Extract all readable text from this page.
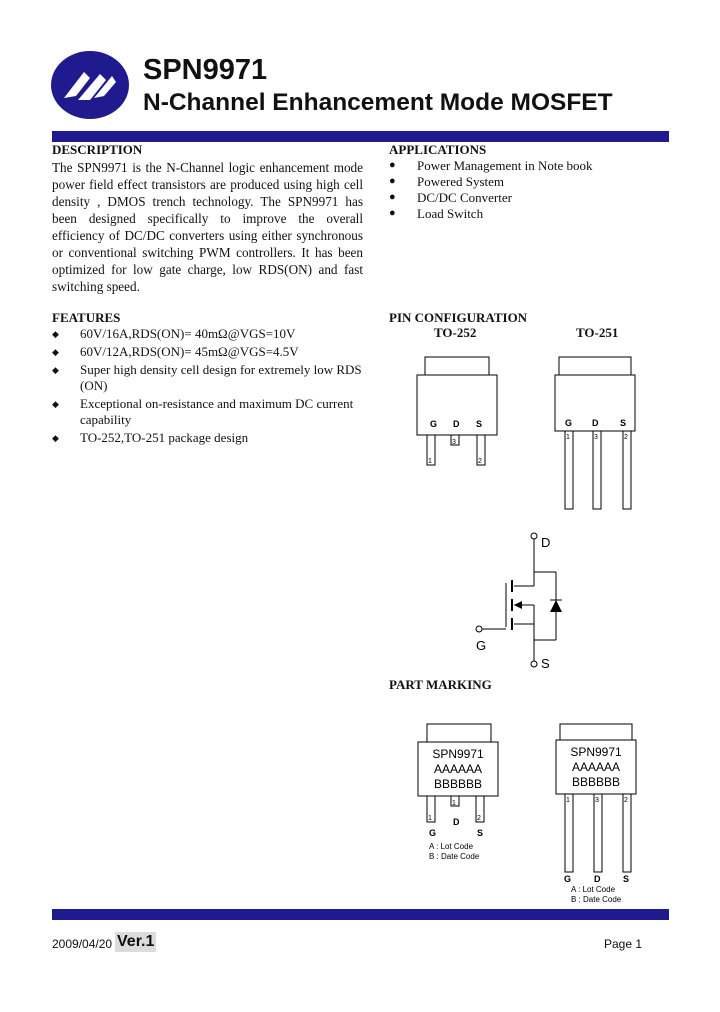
SPN9971
N-Channel Enhancement Mode MOSFET
DESCRIPTION

The SPN9971 is the N-Channel logic enhancement mode power field effect transistors are produced using high cell density , DMOS trench technology. The SPN9971 has been designed specifically to improve the overall efficiency of DC/DC converters using either synchronous or conventional switching PWM controllers. It has been optimized for low gate charge, low RDS(ON) and fast switching speed.

APPLICATIONS
● Power Management in Note book
● Powered System
● DC/DC Converter
● Load Switch
FEATURES
◆ 60V/16A,RDS(ON)= 40mΩ@VGS=10V
◆ 60V/12A,RDS(ON)= 45mΩ@VGS=4.5V
◆ Super high density cell design for extremely low RDS (ON)
◆ Exceptional on-resistance and maximum DC current capability
◆ TO-252,TO-251 package design
PIN CONFIGURATION
TO-252	TO-251
G D S
1
3
2
G D S
1	3	2
D
G
S
PART MARKING
SPN9971
AAAAAA
BBBBBB
1
1
2
G
D
S
A : Lot Code
B : Date Code
SPN9971
AAAAAA
BBBBBB
1	3	2
G	D	S
A : Lot Code
B : Date Code
2009/04/20 Ver.1	Page 1
